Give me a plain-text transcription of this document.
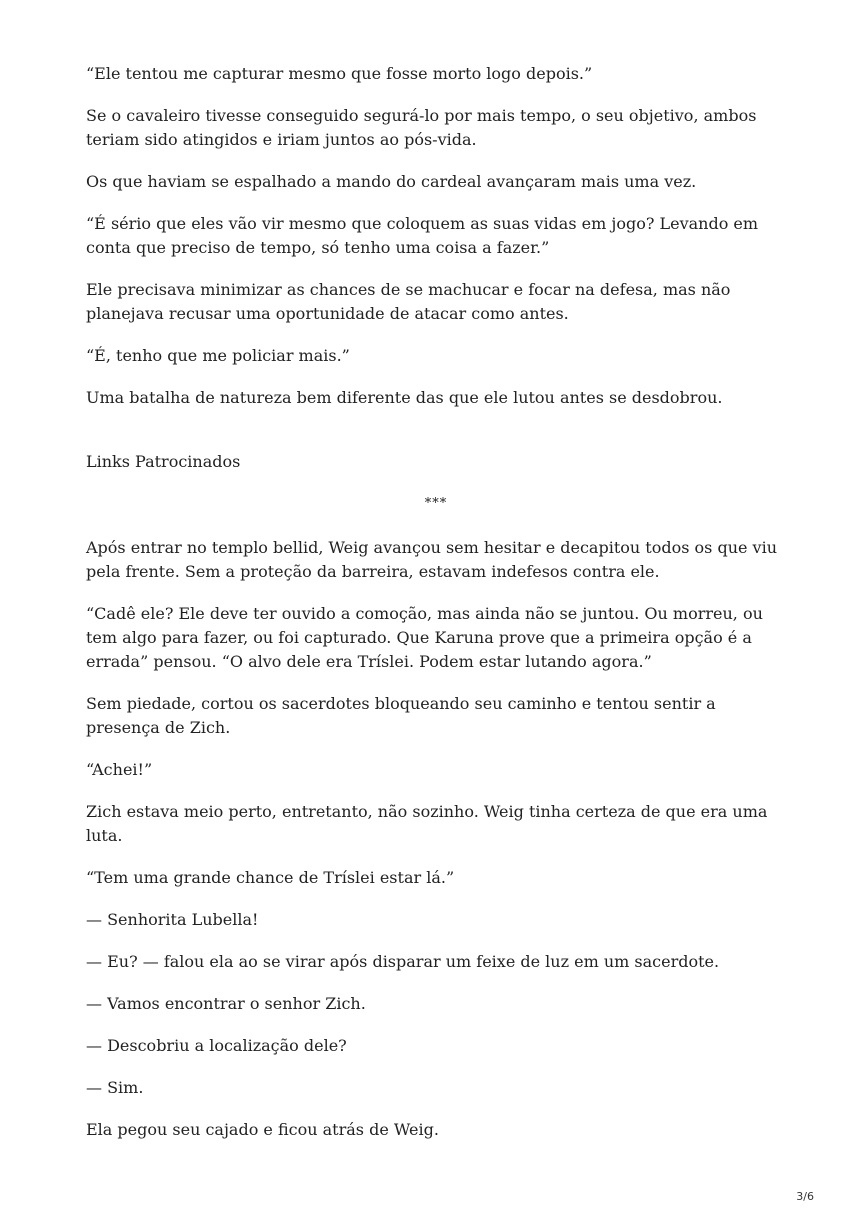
“Ele tentou me capturar mesmo que fosse morto logo depois.”

Se o cavaleiro tivesse conseguido segurá-lo por mais tempo, o seu objetivo, ambos teriam sido atingidos e iriam juntos ao pós-vida.

Os que haviam se espalhado a mando do cardeal avançaram mais uma vez.

“É sério que eles vão vir mesmo que coloquem as suas vidas em jogo? Levando em conta que preciso de tempo, só tenho uma coisa a fazer.”

Ele precisava minimizar as chances de se machucar e focar na defesa, mas não planejava recusar uma oportunidade de atacar como antes.

“É, tenho que me policiar mais.”

Uma batalha de natureza bem diferente das que ele lutou antes se desdobrou.

Links Patrocinados

***

Após entrar no templo bellid, Weig avançou sem hesitar e decapitou todos os que viu pela frente. Sem a proteção da barreira, estavam indefesos contra ele.

“Cadê ele? Ele deve ter ouvido a comoção, mas ainda não se juntou. Ou morreu, ou tem algo para fazer, ou foi capturado. Que Karuna prove que a primeira opção é a errada” pensou. “O alvo dele era Tríslei. Podem estar lutando agora.”

Sem piedade, cortou os sacerdotes bloqueando seu caminho e tentou sentir a presença de Zich.

“Achei!”

Zich estava meio perto, entretanto, não sozinho. Weig tinha certeza de que era uma luta.

“Tem uma grande chance de Tríslei estar lá.”

— Senhorita Lubella!

— Eu? — falou ela ao se virar após disparar um feixe de luz em um sacerdote.

— Vamos encontrar o senhor Zich.

— Descobriu a localização dele?

— Sim.

Ela pegou seu cajado e ficou atrás de Weig.

3/6
